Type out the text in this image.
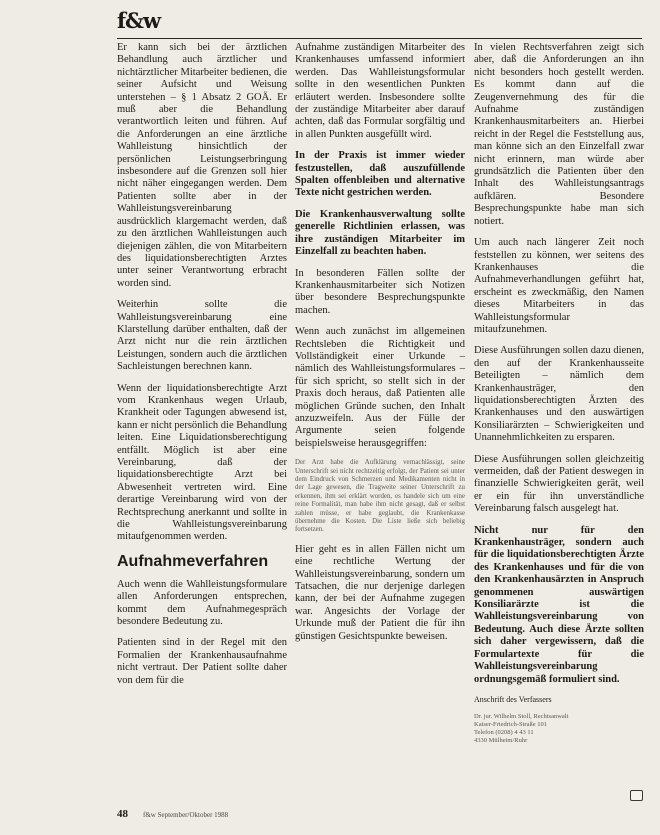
f&w

Er kann sich bei der ärztlichen Behandlung auch ärztlicher und nichtärztlicher Mitarbeiter bedienen, die seiner Aufsicht und Weisung unterstehen – § 1 Absatz 2 GOÄ. Er muß aber die Behandlung verantwortlich leiten und führen. Auf die Anforderungen an eine ärztliche Wahlleistung hinsichtlich der persönlichen Leistungserbringung insbesondere auf die Grenzen soll hier nicht näher eingegangen werden. Dem Patienten sollte aber in der Wahlleistungsvereinbarung ausdrücklich klargemacht werden, daß zu den ärztlichen Wahlleistungen auch diejenigen zählen, die von Mitarbeitern des liquidationsberechtigten Arztes unter seiner Verantwortung erbracht worden sind.

Weiterhin sollte die Wahlleistungsvereinbarung eine Klarstellung darüber enthalten, daß der Arzt nicht nur die rein ärztlichen Leistungen, sondern auch die ärztlichen Sachleistungen berechnen kann.

Wenn der liquidationsberechtigte Arzt vom Krankenhaus wegen Urlaub, Krankheit oder Tagungen abwesend ist, kann er nicht persönlich die Behandlung leiten. Eine Liquidationsberechtigung entfällt. Möglich ist aber eine Vereinbarung, daß der liquidationsberechtigte Arzt bei Abwesenheit vertreten wird. Eine derartige Vereinbarung wird von der Rechtsprechung anerkannt und sollte in die Wahlleistungsvereinbarung mitaufgenommen werden.

Aufnahmeverfahren

Auch wenn die Wahlleistungsformulare allen Anforderungen entsprechen, kommt dem Aufnahmegespräch besondere Bedeutung zu.

Patienten sind in der Regel mit den Formalien der Krankenhausaufnahme nicht vertraut. Der Patient sollte daher von dem für die

Aufnahme zuständigen Mitarbeiter des Krankenhauses umfassend informiert werden. Das Wahlleistungsformular sollte in den wesentlichen Punkten erläutert werden. Insbesondere sollte der zuständige Mitarbeiter aber darauf achten, daß das Formular sorgfältig und in allen Punkten ausgefüllt wird.

In der Praxis ist immer wieder festzustellen, daß auszufüllende Spalten offenbleiben und alternative Texte nicht gestrichen werden.

Die Krankenhausverwaltung sollte generelle Richtlinien erlassen, was ihre zuständigen Mitarbeiter im Einzelfall zu beachten haben.

In besonderen Fällen sollte der Krankenhausmitarbeiter sich Notizen über besondere Besprechungspunkte machen.

Wenn auch zunächst im allgemeinen Rechtsleben die Richtigkeit und Vollständigkeit einer Urkunde – nämlich des Wahlleistungsformulares – für sich spricht, so stellt sich in der Praxis doch heraus, daß Patienten alle möglichen Gründe suchen, den Inhalt anzuzweifeln. Aus der Fülle der Argumente seien folgende beispielsweise herausgegriffen:

Der Arzt habe die Aufklärung vernachlässigt, seine Unterschrift sei nicht rechtzeitig erfolgt, der Patient sei unter dem Eindruck von Schmerzen und Medikamenten nicht in der Lage gewesen, die Tragweite seiner Unterschrift zu erkennen, ihm sei erklärt worden, es handele sich um eine reine Formalität, man habe ihm nicht gesagt, daß er selbst zahlen müsse, er habe geglaubt, die Krankenkasse übernehme die Kosten. Die Liste ließe sich beliebig fortsetzen.

Hier geht es in allen Fällen nicht um eine rechtliche Wertung der Wahlleistungsvereinbarung, sondern um Tatsachen, die nur derjenige darlegen kann, der bei der Aufnahme zugegen war. Angesichts der Vorlage der Urkunde muß der Patient die für ihn günstigen Gesichtspunkte beweisen.

In vielen Rechtsverfahren zeigt sich aber, daß die Anforderungen an ihn nicht besonders hoch gestellt werden. Es kommt dann auf die Zeugenvernehmung des für die Aufnahme zuständigen Krankenhausmitarbeiters an. Hierbei reicht in der Regel die Feststellung aus, man könne sich an den Einzelfall zwar nicht erinnern, man würde aber grundsätzlich die Patienten über den Inhalt des Wahlleistungsantrags aufklären. Besondere Besprechungspunkte habe man sich notiert.

Um auch nach längerer Zeit noch feststellen zu können, wer seitens des Krankenhauses die Aufnahmeverhandlungen geführt hat, erscheint es zweckmäßig, den Namen dieses Mitarbeiters in das Wahlleistungsformular mitaufzunehmen.

Diese Ausführungen sollen dazu dienen, den auf der Krankenhausseite Beteiligten – nämlich dem Krankenhausträger, den liquidationsberechtigten Ärzten des Krankenhauses und den auswärtigen Konsiliarärzten – Schwierigkeiten und Unannehmlichkeiten zu ersparen.

Diese Ausführungen sollen gleichzeitig vermeiden, daß der Patient deswegen in finanzielle Schwierigkeiten gerät, weil er ein für ihn unverständliche Vereinbarung falsch ausgelegt hat.

Nicht nur für den Krankenhausträger, sondern auch für die liquidationsberechtigten Ärzte des Krankenhauses und für die von den Krankenhausärzten in Anspruch genommenen auswärtigen Konsiliarärzte ist die Wahlleistungsvereinbarung von Bedeutung. Auch diese Ärzte sollten sich daher vergewissern, daß die Formulartexte für die Wahlleistungsvereinbarung ordnungsgemäß formuliert sind.

Anschrift des Verfassers
Dr. jur. Wilhelm Stoll, Rechtsanwalt
Kaiser-Friedrich-Straße 101
Telefon (0208) 4 43 11
4330 Mülheim/Ruhr
48 f&w September/Oktober 1988
